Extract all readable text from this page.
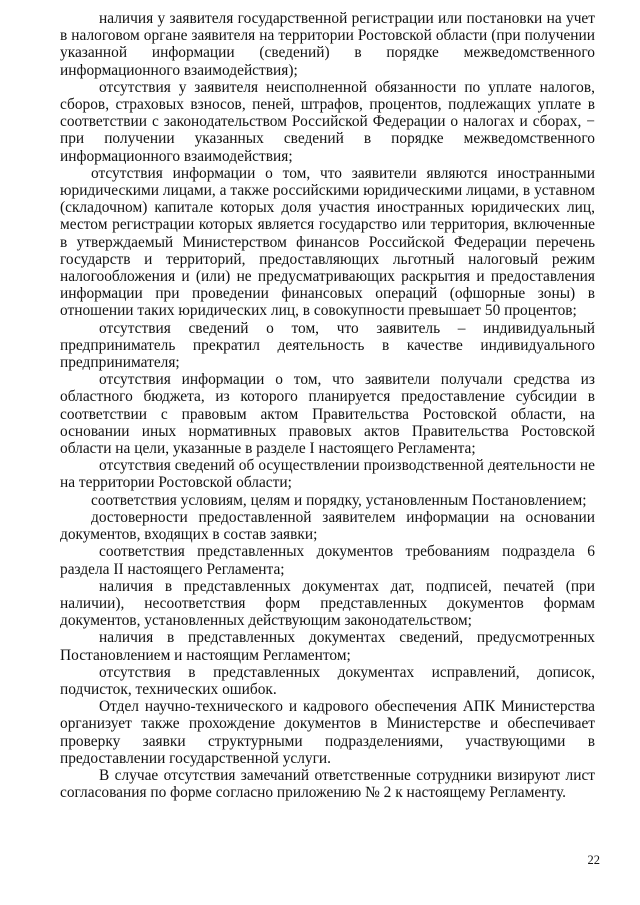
наличия у заявителя государственной регистрации или постановки на учет в налоговом органе заявителя на территории Ростовской области (при получении указанной информации (сведений) в порядке межведомственного информационного взаимодействия);

отсутствия у заявителя неисполненной обязанности по уплате налогов, сборов, страховых взносов, пеней, штрафов, процентов, подлежащих уплате в соответствии с законодательством Российской Федерации о налогах и сборах, − при получении указанных сведений в порядке межведомственного информационного взаимодействия;

отсутствия информации о том, что заявители являются иностранными юридическими лицами, а также российскими юридическими лицами, в уставном (складочном) капитале которых доля участия иностранных юридических лиц, местом регистрации которых является государство или территория, включенные в утверждаемый Министерством финансов Российской Федерации перечень государств и территорий, предоставляющих льготный налоговый режим налогообложения и (или) не предусматривающих раскрытия и предоставления информации при проведении финансовых операций (офшорные зоны) в отношении таких юридических лиц, в совокупности превышает 50 процентов;

отсутствия сведений о том, что заявитель – индивидуальный предприниматель прекратил деятельность в качестве индивидуального предпринимателя;

отсутствия информации о том, что заявители получали средства из областного бюджета, из которого планируется предоставление субсидии в соответствии с правовым актом Правительства Ростовской области, на основании иных нормативных правовых актов Правительства Ростовской области на цели, указанные в разделе I настоящего Регламента;

отсутствия сведений об осуществлении производственной деятельности не на территории Ростовской области;

соответствия условиям, целям и порядку, установленным Постановлением;

достоверности предоставленной заявителем информации на основании документов, входящих в состав заявки;

соответствия представленных документов требованиям подраздела 6 раздела II настоящего Регламента;

наличия в представленных документах дат, подписей, печатей (при наличии), несоответствия форм представленных документов формам документов, установленных действующим законодательством;

наличия в представленных документах сведений, предусмотренных Постановлением и настоящим Регламентом;

отсутствия в представленных документах исправлений, дописок, подчисток, технических ошибок.

Отдел научно-технического и кадрового обеспечения АПК Министерства организует также прохождение документов в Министерстве и обеспечивает проверку заявки структурными подразделениями, участвующими в предоставлении государственной услуги.

В случае отсутствия замечаний ответственные сотрудники визируют лист согласования по форме согласно приложению № 2 к настоящему Регламенту.

22
